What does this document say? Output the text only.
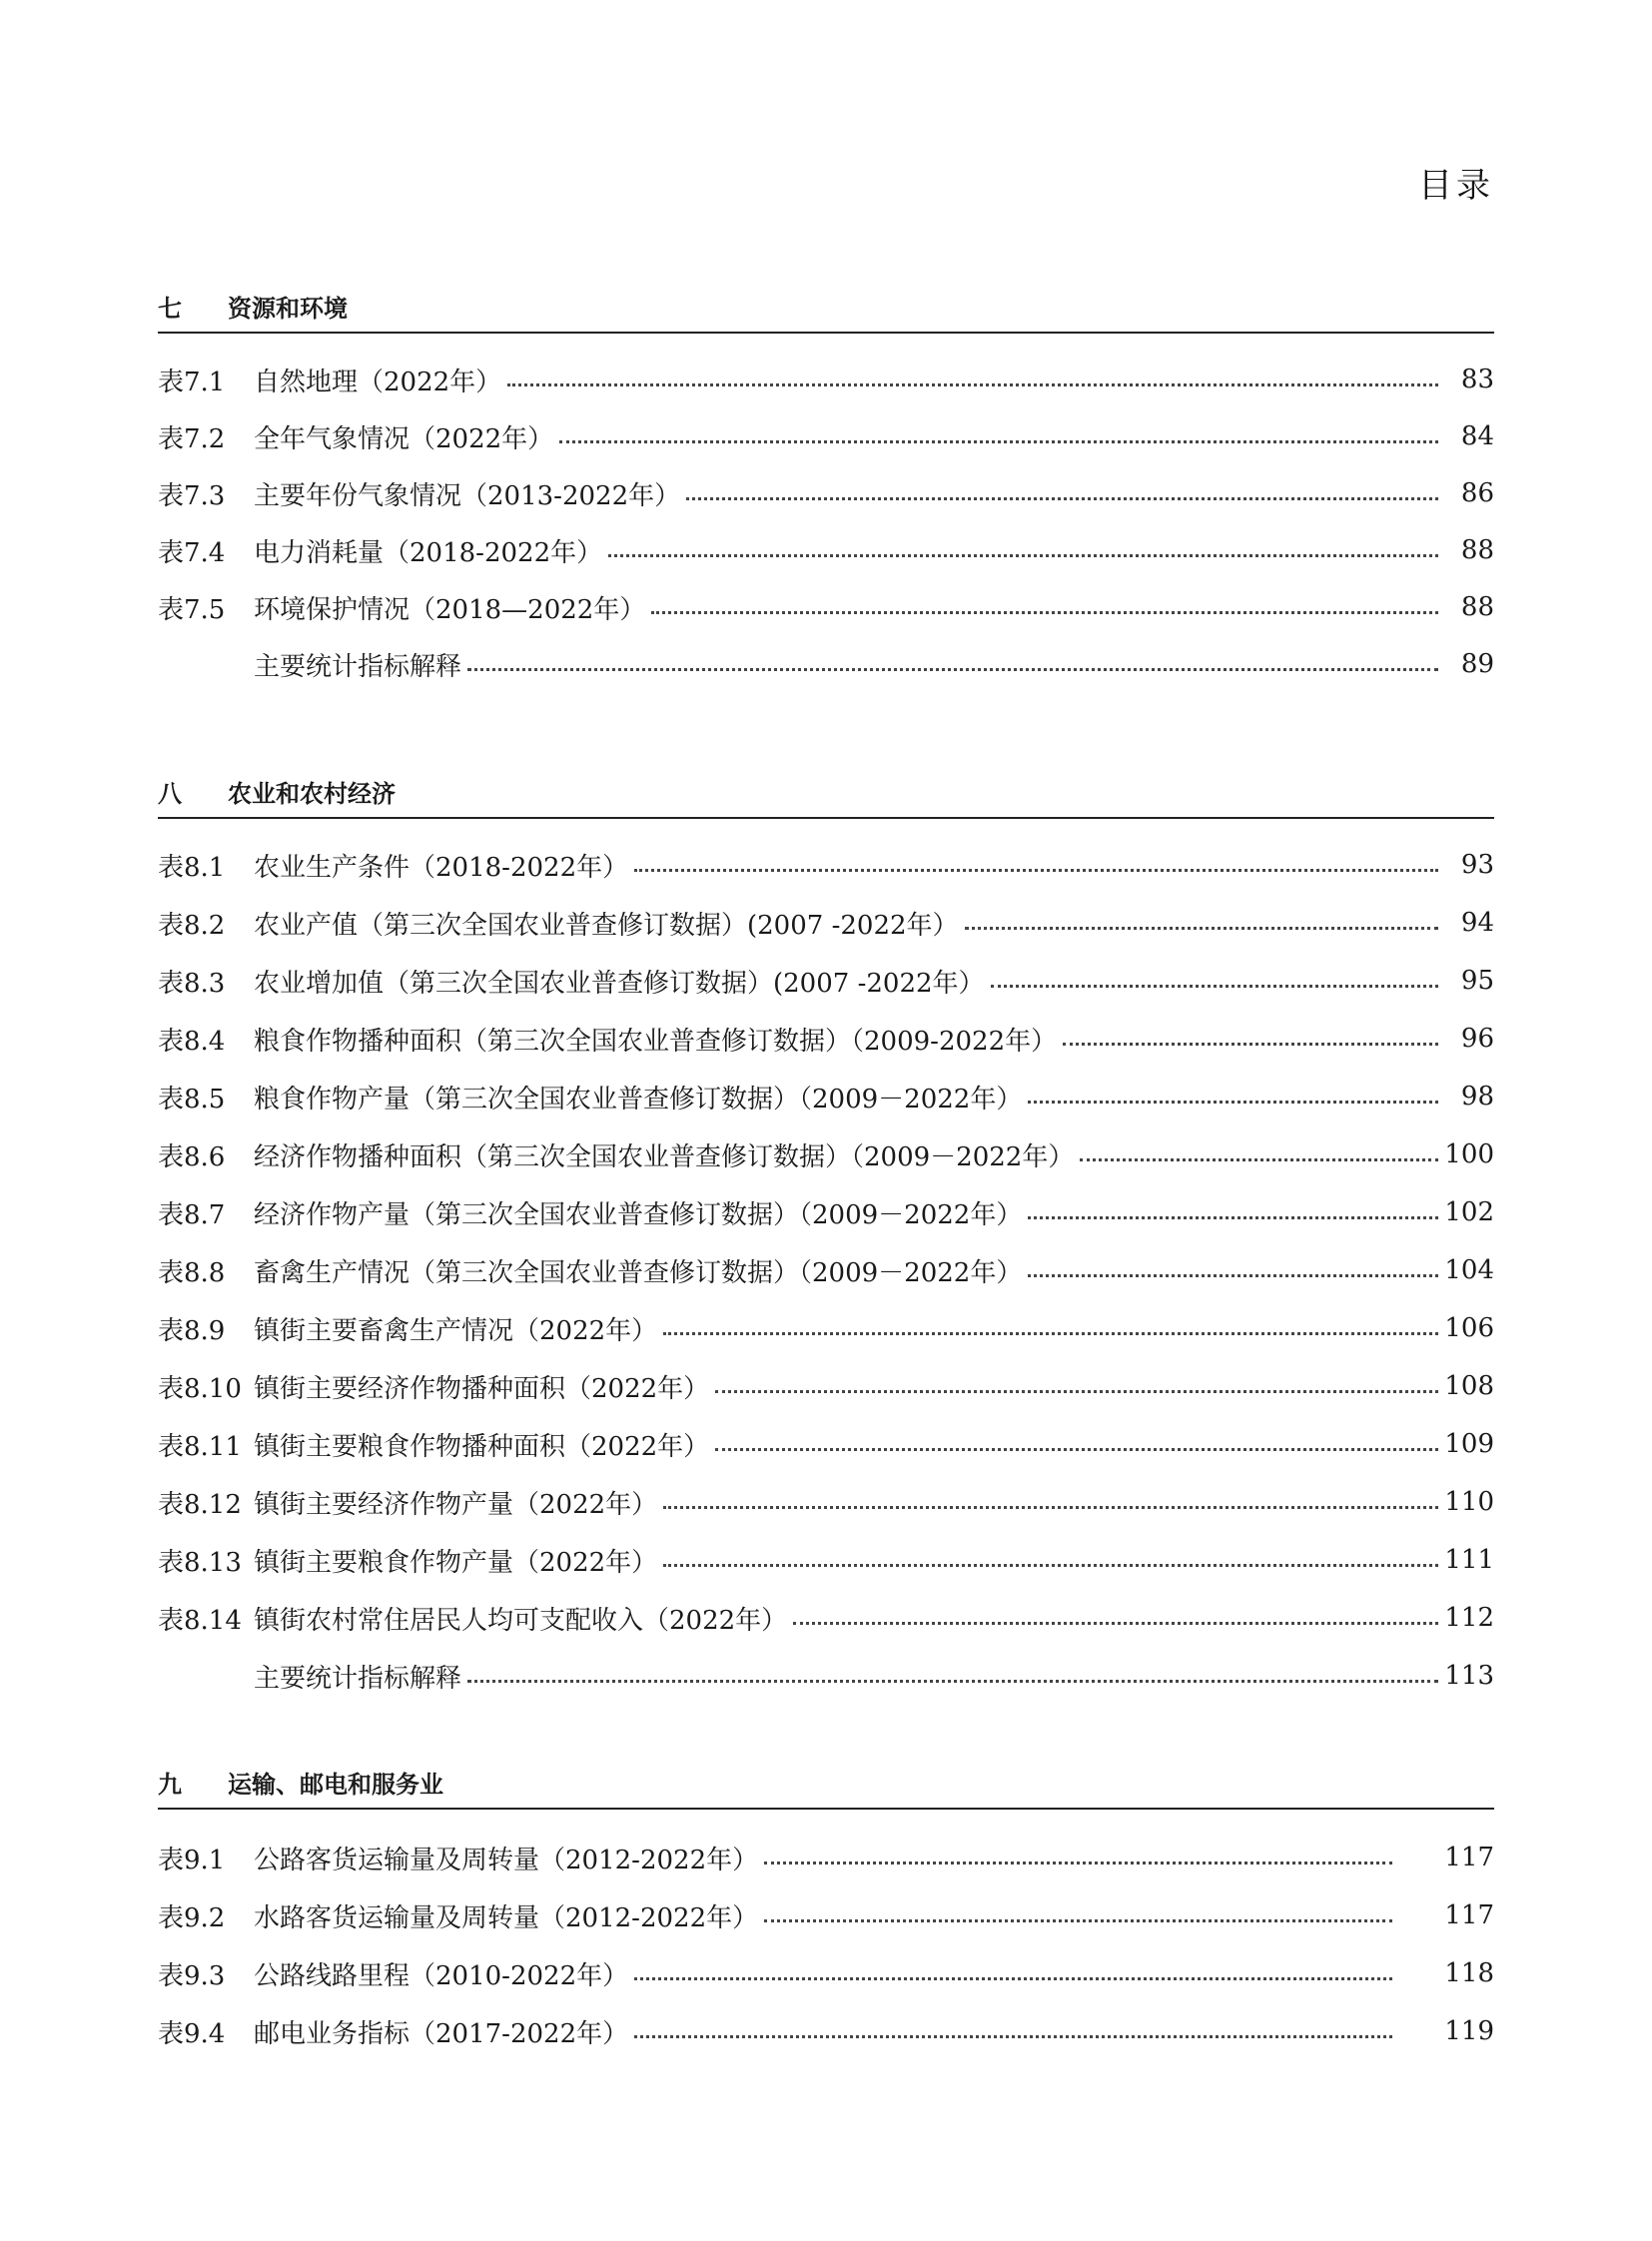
目录
七	资源和环境
表7.1	自然地理（2022年）	83
表7.2	全年气象情况（2022年）	84
表7.3	主要年份气象情况（2013-2022年）	86
表7.4	电力消耗量（2018-2022年）	88
表7.5	环境保护情况（2018—2022年）	88
主要统计指标解释	89
八	农业和农村经济
表8.1	农业生产条件（2018-2022年）	93
表8.2	农业产值（第三次全国农业普查修订数据）(2007 -2022年）	94
表8.3	农业增加值（第三次全国农业普查修订数据）(2007 -2022年）	95
表8.4	粮食作物播种面积（第三次全国农业普查修订数据）（2009-2022年）	96
表8.5	粮食作物产量（第三次全国农业普查修订数据）（2009－2022年）	98
表8.6	经济作物播种面积（第三次全国农业普查修订数据）（2009－2022年）	100
表8.7	经济作物产量（第三次全国农业普查修订数据）（2009－2022年）	102
表8.8	畜禽生产情况（第三次全国农业普查修订数据）（2009－2022年）	104
表8.9	镇街主要畜禽生产情况（2022年）	106
表8.10 镇街主要经济作物播种面积（2022年）	108
表8.11 镇街主要粮食作物播种面积（2022年）	109
表8.12 镇街主要经济作物产量（2022年）	110
表8.13 镇街主要粮食作物产量（2022年）	111
表8.14 镇街农村常住居民人均可支配收入（2022年）	112
主要统计指标解释	113
九	运输、邮电和服务业
表9.1	公路客货运输量及周转量（2012-2022年）	117
表9.2	水路客货运输量及周转量（2012-2022年）	117
表9.3	公路线路里程（2010-2022年）	118
表9.4	邮电业务指标（2017-2022年）	119
